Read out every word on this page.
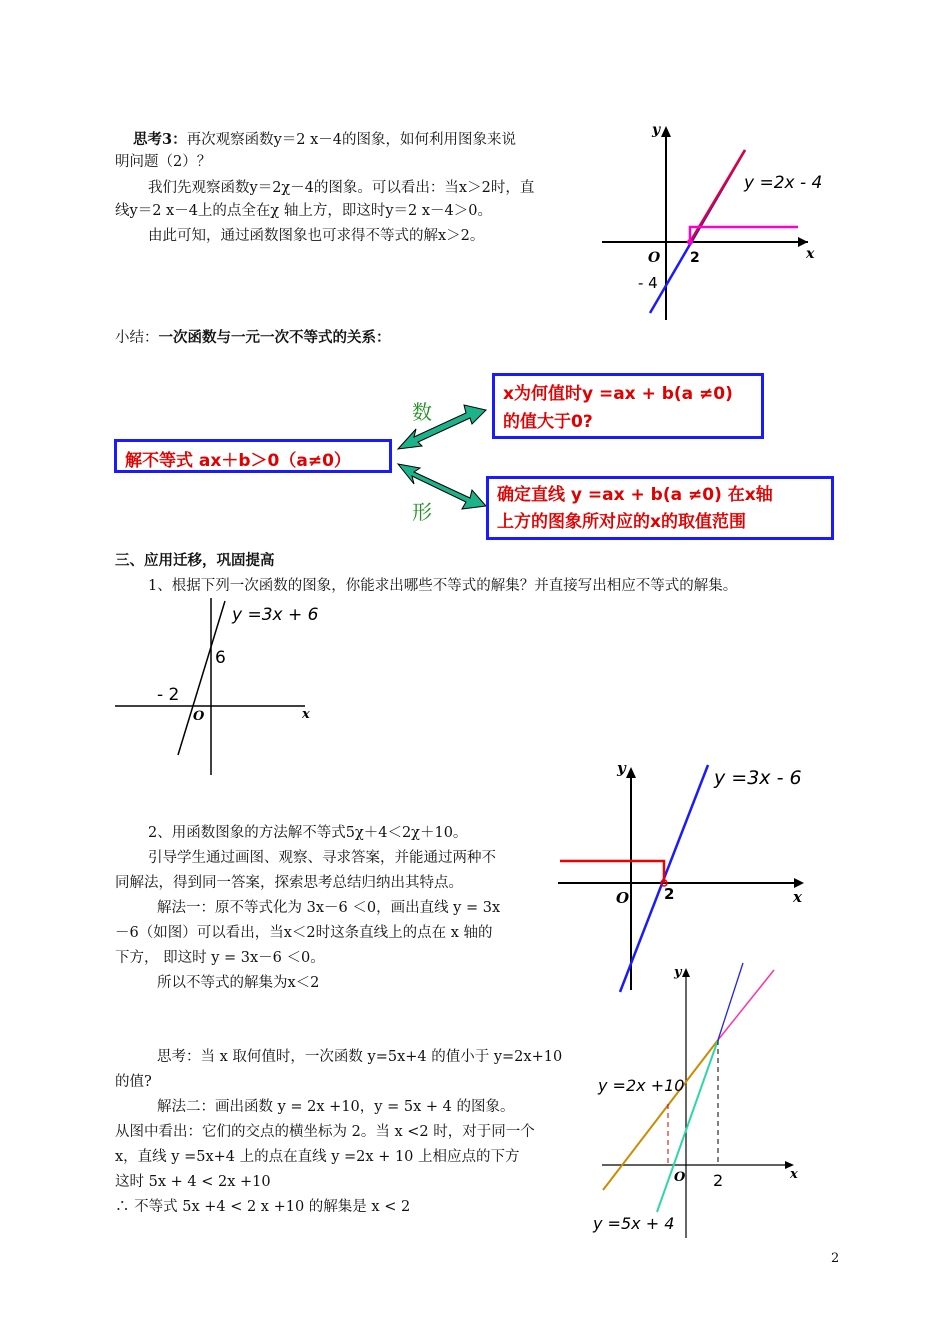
思考3：再次观察函数y＝2 x－4的图象，如何利用图象来说
明问题（2）？
我们先观察函数y＝2χ－4的图象。可以看出：当x＞2时，直
线y＝2 x－4上的点全在χ 轴上方，即这时y＝2 x－4＞0。
由此可知，通过函数图象也可求得不等式的解x＞2。
y
x
O 2
- 4
y =2x - 4
小结：一次函数与一元一次不等式的关系：
解不等式 ax＋b＞0（a≠0）
数
形
x为何值时y =ax + b(a ≠0)
的值大于0?
确定直线 y =ax + b(a ≠0) 在x轴
上方的图象所对应的x的取值范围
三、应用迁移，巩固提高
1、根据下列一次函数的图象，你能求出哪些不等式的解集？并直接写出相应不等式的解集。
y =3x + 6
6
- 2
O	x
y
x
O 2
y =3x - 6
2、用函数图象的方法解不等式5χ＋4＜2χ＋10。
引导学生通过画图、观察、寻求答案，并能通过两种不
同解法，得到同一答案，探索思考总结归纳出其特点。
解法一：原不等式化为 3x－6 ＜0，画出直线 y = 3x
－6（如图）可以看出，当x＜2时这条直线上的点在 x 轴的
下方， 即这时 y = 3x－6 ＜0。
所以不等式的解集为x＜2
思考：当 x 取何值时，一次函数 y=5x+4 的值小于 y=2x+10
的值?
解法二：画出函数 y = 2x +10，y = 5x + 4 的图象。
从图中看出：它们的交点的横坐标为 2。当 x <2 时，对于同一个
x，直线 y =5x+4 上的点在直线 y =2x + 10 上相应点的下方
这时 5x + 4 < 2x +10
∴ 不等式 5x +4 < 2 x +10 的解集是 x < 2
y
x
O 2
y =2x +10
y =5x + 4
2
